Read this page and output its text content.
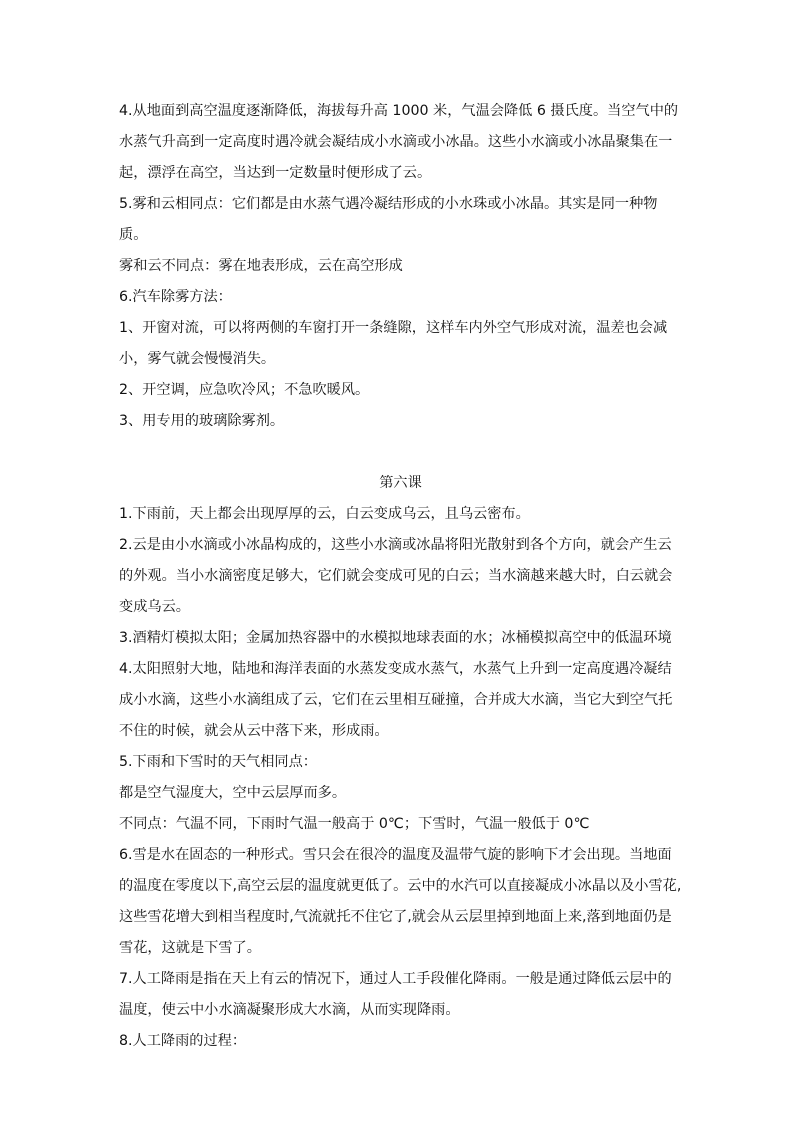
4.从地面到高空温度逐渐降低，海拔每升高 1000 米，气温会降低 6 摄氏度。当空气中的水蒸气升高到一定高度时遇冷就会凝结成小水滴或小冰晶。这些小水滴或小冰晶聚集在一起，漂浮在高空，当达到一定数量时便形成了云。

5.雾和云相同点：它们都是由水蒸气遇冷凝结形成的小水珠或小冰晶。其实是同一种物质。

雾和云不同点：雾在地表形成，云在高空形成

6.汽车除雾方法：

1、开窗对流，可以将两侧的车窗打开一条缝隙，这样车内外空气形成对流，温差也会减小，雾气就会慢慢消失。

2、开空调，应急吹冷风；不急吹暖风。

3、用专用的玻璃除雾剂。

第六课

1.下雨前，天上都会出现厚厚的云，白云变成乌云，且乌云密布。

2.云是由小水滴或小冰晶构成的，这些小水滴或冰晶将阳光散射到各个方向，就会产生云的外观。当小水滴密度足够大，它们就会变成可见的白云；当水滴越来越大时，白云就会变成乌云。

3.酒精灯模拟太阳；金属加热容器中的水模拟地球表面的水；冰桶模拟高空中的低温环境

4.太阳照射大地，陆地和海洋表面的水蒸发变成水蒸气，水蒸气上升到一定高度遇冷凝结成小水滴，这些小水滴组成了云，它们在云里相互碰撞，合并成大水滴，当它大到空气托不住的时候，就会从云中落下来，形成雨。

5.下雨和下雪时的天气相同点：

都是空气湿度大，空中云层厚而多。

不同点：气温不同，下雨时气温一般高于 0℃；下雪时，气温一般低于 0℃

6.雪是水在固态的一种形式。雪只会在很冷的温度及温带气旋的影响下才会出现。当地面的温度在零度以下,高空云层的温度就更低了。云中的水汽可以直接凝成小冰晶以及小雪花,这些雪花增大到相当程度时,气流就托不住它了,就会从云层里掉到地面上来,落到地面仍是雪花，这就是下雪了。

7.人工降雨是指在天上有云的情况下，通过人工手段催化降雨。一般是通过降低云层中的温度，使云中小水滴凝聚形成大水滴，从而实现降雨。

8.人工降雨的过程：
